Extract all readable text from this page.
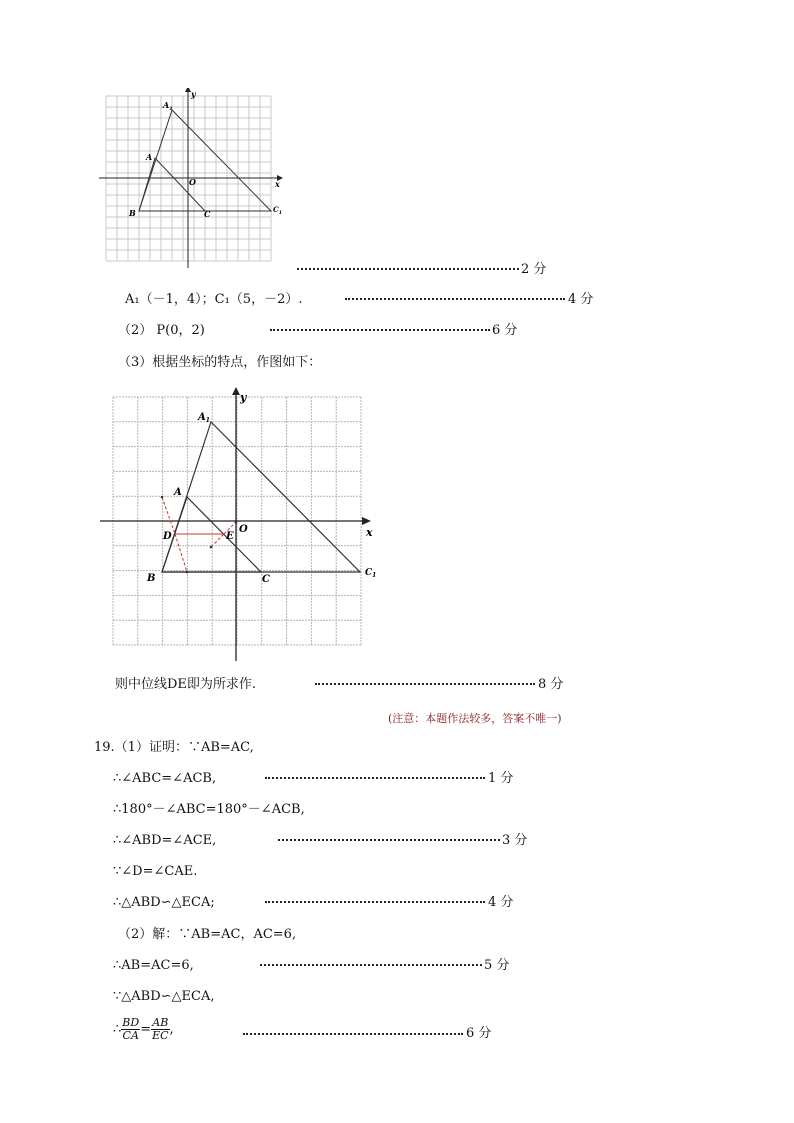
$A_1$
A
B	C	$C_1$
O	x
y
2 分
A₁（－1，4）；C₁（5，－2）.	4 分
（2） P(0，2)	6 分
（3）根据坐标的特点，作图如下：
$A_1$
A
B	C
$C_1$
D	E
O	x
y
则中位线DE即为所求作.	8 分
(注意：本题作法较多，答案不唯一)
19.（1）证明：∵AB=AC,
∴∠ABC=∠ACB,	1 分
∴180°－∠ABC=180°－∠ACB,
∴∠ABD=∠ACE,	3 分
∵∠D=∠CAE.
∴△ABD∽△ECA;	4 分
（2）解：∵AB=AC，AC=6,
∴AB=AC=6,	5 分
∵△ABD∽△ECA,
∴ $\frac{BD}{CA} = \frac{AB}{EC}$ ,	6 分
